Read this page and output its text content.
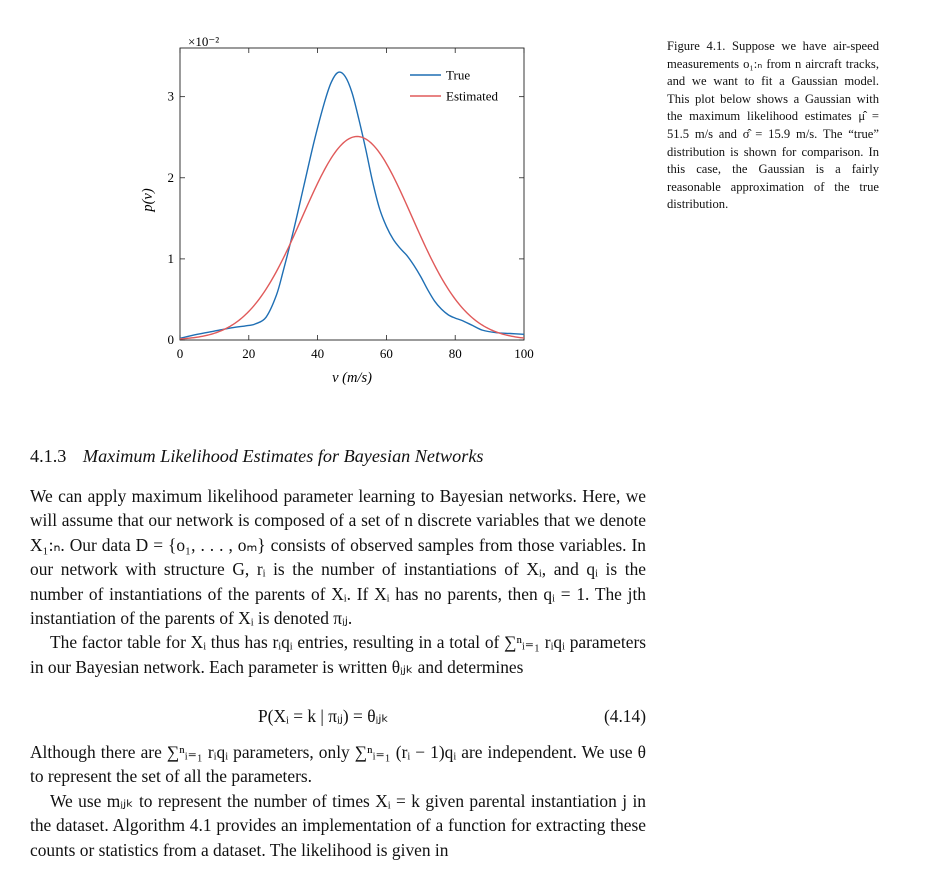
0	20	40	60	80	100
0
1
2
3
×10⁻²
v (m/s)
p(v)
True
Estimated
Figure 4.1. Suppose we have air-speed measurements o₁:ₙ from n aircraft tracks, and we want to fit a Gaussian model. This plot below shows a Gaussian with the maximum likelihood estimates μ̂ = 51.5 m/s and σ̂ = 15.9 m/s. The “true” distribution is shown for comparison. In this case, the Gaussian is a fairly reasonable approximation of the true distribution.
4.1.3 Maximum Likelihood Estimates for Bayesian Networks

We can apply maximum likelihood parameter learning to Bayesian networks. Here, we will assume that our network is composed of a set of n discrete variables that we denote X₁:ₙ. Our data D = {o₁, . . . , oₘ} consists of observed samples from those variables. In our network with structure G, rᵢ is the number of instantiations of Xᵢ, and qᵢ is the number of instantiations of the parents of Xᵢ. If Xᵢ has no parents, then qᵢ = 1. The jth instantiation of the parents of Xᵢ is denoted πᵢⱼ.

The factor table for Xᵢ thus has rᵢqᵢ entries, resulting in a total of ∑ⁿᵢ₌₁ rᵢqᵢ parameters in our Bayesian network. Each parameter is written θᵢⱼₖ and determines

P(Xᵢ = k | πᵢⱼ) = θᵢⱼₖ	(4.14)

Although there are ∑ⁿᵢ₌₁ rᵢqᵢ parameters, only ∑ⁿᵢ₌₁ (rᵢ − 1)qᵢ are independent. We use θ to represent the set of all the parameters.

We use mᵢⱼₖ to represent the number of times Xᵢ = k given parental instantiation j in the dataset. Algorithm 4.1 provides an implementation of a function for extracting these counts or statistics from a dataset. The likelihood is given in
